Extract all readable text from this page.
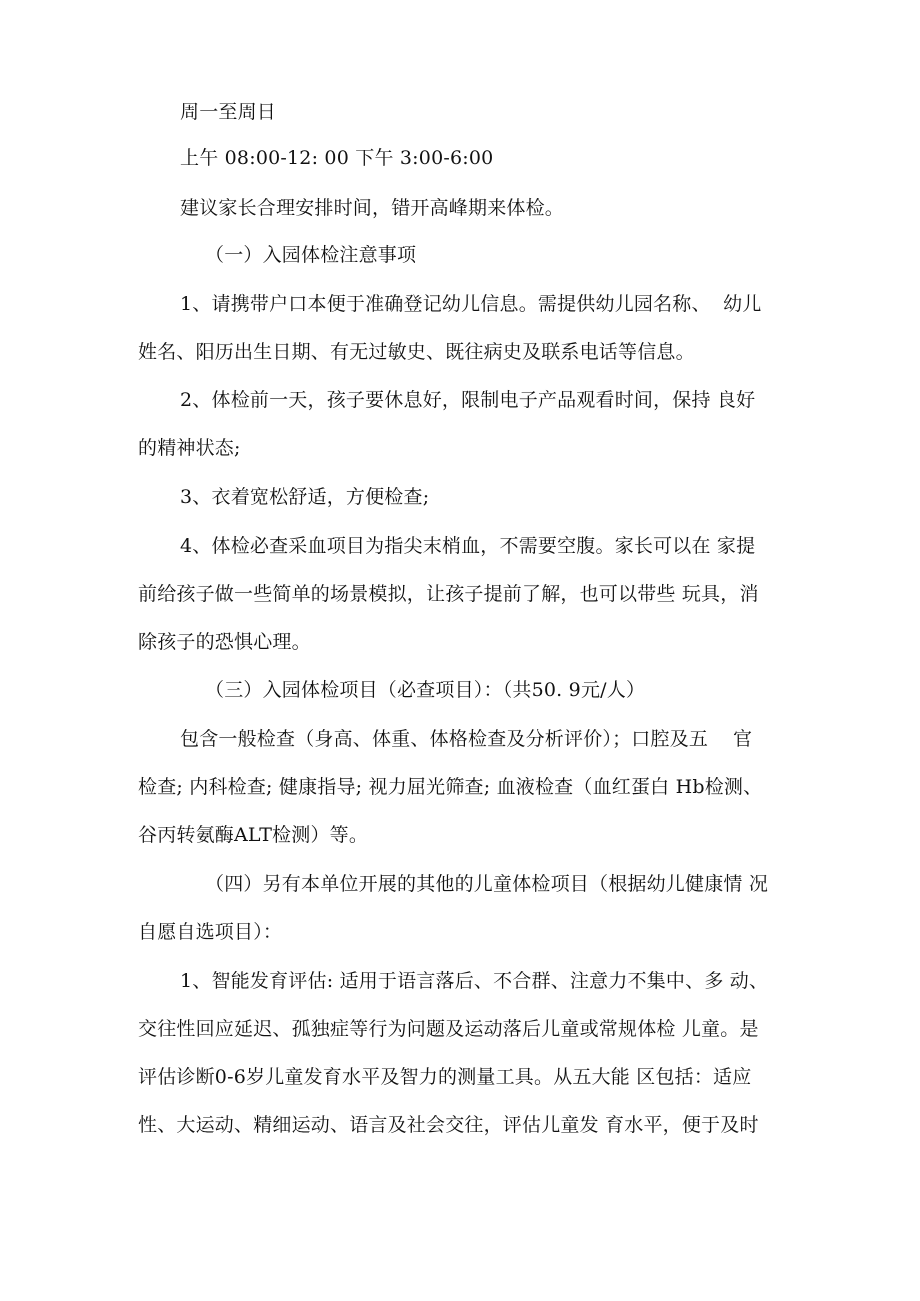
周一至周日
上午 08:00-12: 00 下午 3:00-6:00
建议家长合理安排时间，错开高峰期来体检。
（一）入园体检注意事项
1、请携带户口本便于准确登记幼儿信息。需提供幼儿园名称、  幼儿
姓名、阳历出生日期、有无过敏史、既往病史及联系电话等信息。
2、体检前一天，孩子要休息好，限制电子产品观看时间，保持 良好
的精神状态;
3、衣着宽松舒适，方便检查;
4、体检必查采血项目为指尖末梢血，不需要空腹。家长可以在 家提
前给孩子做一些简单的场景模拟，让孩子提前了解，也可以带些 玩具，消
除孩子的恐惧心理。
（三）入园体检项目（必查项目）：（共50. 9元/人）
包含一般检查（身高、体重、体格检查及分析评价）；口腔及五    官
检查; 内科检查; 健康指导; 视力屈光筛查; 血液检查（血红蛋白 Hb检测、
谷丙转氨酶ALT检测）等。
（四）另有本单位开展的其他的儿童体检项目（根据幼儿健康情 况
自愿自选项目）：
1、智能发育评估: 适用于语言落后、不合群、注意力不集中、多 动、
交往性回应延迟、孤独症等行为问题及运动落后儿童或常规体检 儿童。是
评估诊断0-6岁儿童发育水平及智力的测量工具。从五大能 区包括：适应
性、大运动、精细运动、语言及社会交往，评估儿童发 育水平，便于及时
